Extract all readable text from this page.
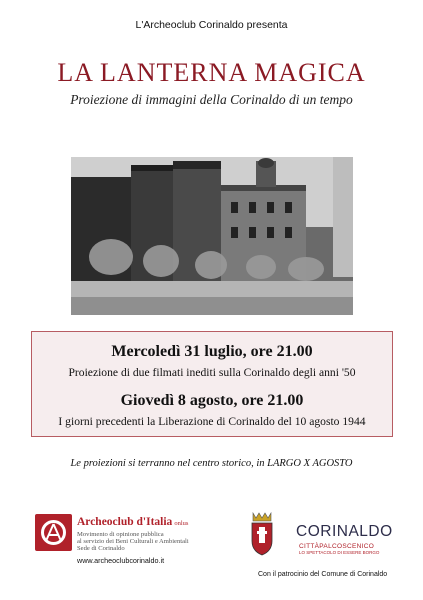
L'Archeoclub Corinaldo presenta
LA LANTERNA MAGICA
Proiezione di immagini della Corinaldo di un tempo
Mercoledì 31 luglio, ore 21.00
Proiezione di due filmati inediti sulla Corinaldo degli anni '50
Giovedì 8 agosto, ore 21.00
I giorni precedenti la Liberazione di Corinaldo del 10 agosto 1944
Le proiezioni si terranno nel centro storico, in LARGO X AGOSTO
Archeoclub d'Italia onlus
Movimento di opinione pubblica
al servizio dei Beni Culturali e Ambientali
Sede di Corinaldo
www.archeoclubcorinaldo.it
CORINALDO
CITTÀPALCOSCENICO
LO SPETTACOLO DI ESSERE BORGO
Con il patrocinio del Comune di Corinaldo
